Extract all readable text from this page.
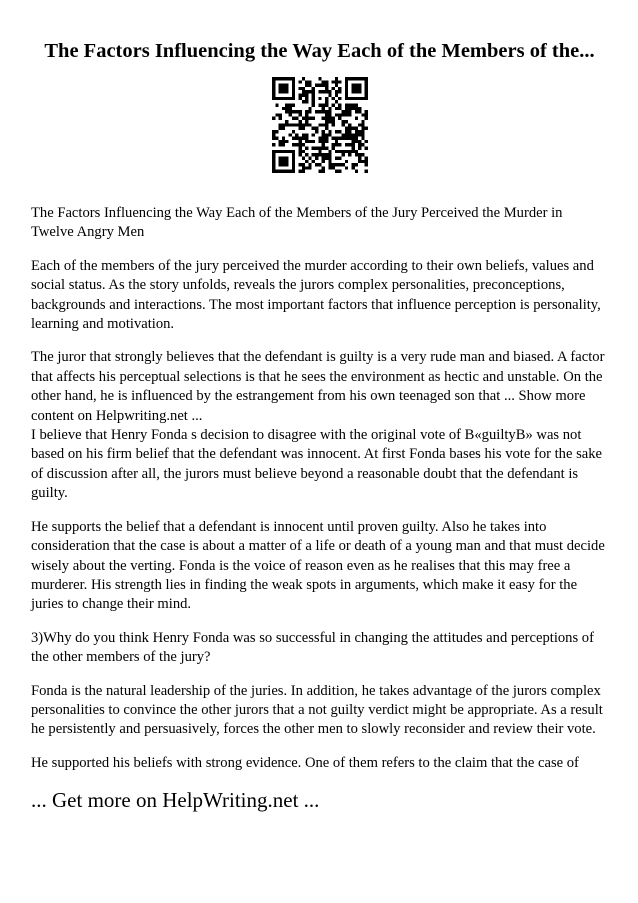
The Factors Influencing the Way Each of the Members of the...

The Factors Influencing the Way Each of the Members of the Jury Perceived the Murder in Twelve Angry Men

Each of the members of the jury perceived the murder according to their own beliefs, values and social status. As the story unfolds, reveals the jurors complex personalities, preconceptions, backgrounds and interactions. The most important factors that influence perception is personality, learning and motivation.

The juror that strongly believes that the defendant is guilty is a very rude man and biased. A factor that affects his perceptual selections is that he sees the environment as hectic and unstable. On the other hand, he is influenced by the estrangement from his own teenaged son that ... Show more content on Helpwriting.net ...

I believe that Henry Fonda s decision to disagree with the original vote of B«guiltyB» was not based on his firm belief that the defendant was innocent. At first Fonda bases his vote for the sake of discussion after all, the jurors must believe beyond a reasonable doubt that the defendant is guilty.

He supports the belief that a defendant is innocent until proven guilty. Also he takes into consideration that the case is about a matter of a life or death of a young man and that must decide wisely about the verting. Fonda is the voice of reason even as he realises that this may free a murderer. His strength lies in finding the weak spots in arguments, which make it easy for the juries to change their mind.

3)Why do you think Henry Fonda was so successful in changing the attitudes and perceptions of the other members of the jury?

Fonda is the natural leadership of the juries. In addition, he takes advantage of the jurors complex personalities to convince the other jurors that a not guilty verdict might be appropriate. As a result he persistently and persuasively, forces the other men to slowly reconsider and review their vote.

He supported his beliefs with strong evidence. One of them refers to the claim that the case of

... Get more on HelpWriting.net ...
